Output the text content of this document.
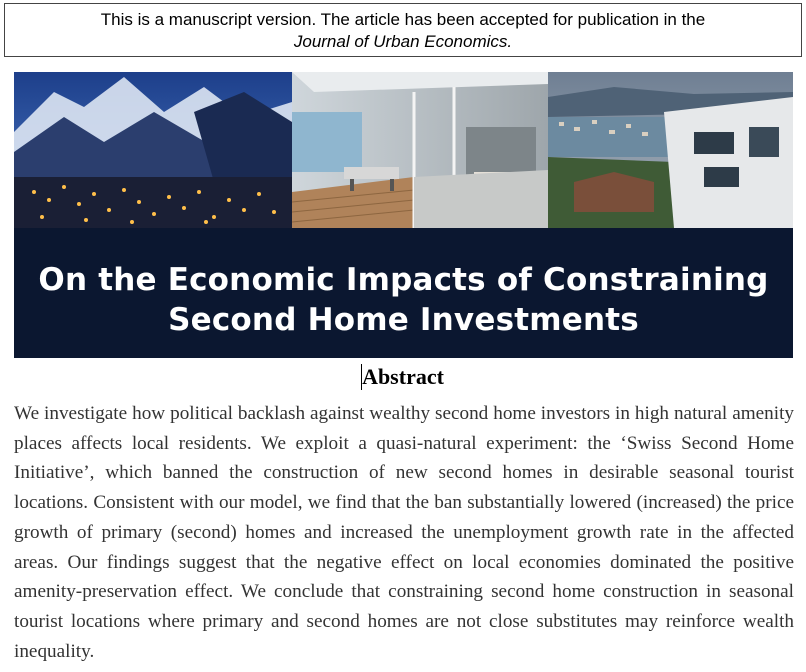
This is a manuscript version. The article has been accepted for publication in the
Journal of Urban Economics.
On the Economic Impacts of Constraining
Second Home Investments
Abstract
We investigate how political backlash against wealthy second home investors in high natural amenity places affects local residents. We exploit a quasi-natural experiment: the ‘Swiss Second Home Initiative’, which banned the construction of new second homes in desirable seasonal tourist locations. Consistent with our model, we find that the ban substantially lowered (increased) the price growth of primary (second) homes and increased the unemployment growth rate in the affected areas. Our findings suggest that the negative effect on local economies dominated the positive amenity-preservation effect. We conclude that constraining second home construction in seasonal tourist locations where primary and second homes are not close substitutes may reinforce wealth inequality.
